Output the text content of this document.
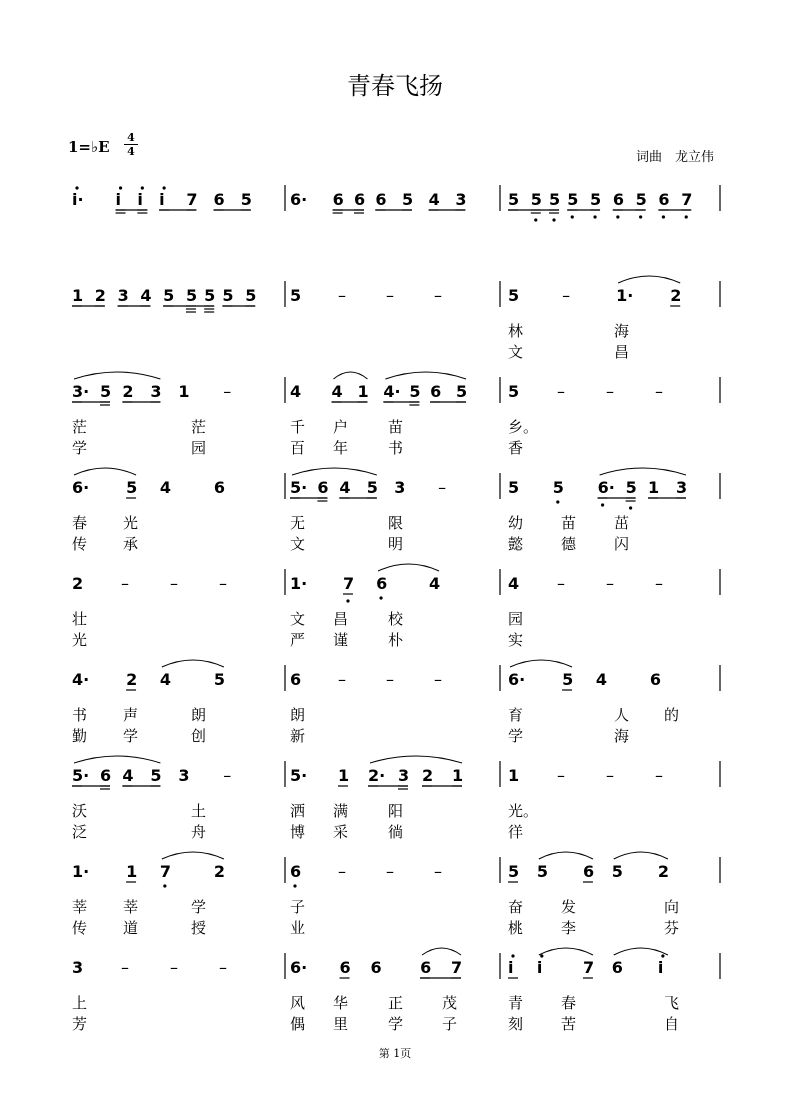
青春飞扬
1=♭E
4
4	词曲　龙立伟
i· i i i 7 6 5 6· 6 6 6 5 4 3	5 5 5 5 5 6 5 6 7
1 2 3 4 5 5 5 5 5 5 –	–	–	5	–	1· 2
林	海
文	昌
3· 5 2 3 1 –	4 4 1 4· 5 6 5	5 –	–	–
茫	茫	千 户	苗	乡。
学	园	百 年	书	香
6· 5 4	6	5· 6 4 5 3 –	5 5 6· 5 1 3
春 光	无	限	幼	苗	茁
传 承	文	明	懿	德	闪
2 –	–	–	1· 7 6	4	4 –	–	–
壮	文 昌	校	园
光	严 谨	朴	实
4· 2 4	5	6 –	–	–	6· 5 4	6
书 声	朗	朗	育	人 的
勤 学	创	新	学	海
5· 6 4 5 3 –	5· 1 2· 3 2 1	1 –	–	–
沃	土	洒 满	阳	光。
泛	舟	博 采	徜	徉
1· 1 7	2	6 –	–	–	5 5 6 5 2
莘 莘	学	子	奋	发	向
传 道	授	业	桃	李	芬
3 –	–	–	6· 6 6 6 7	i i	7 6 i
上	风 华	正	茂	青	春	飞
芳	偶 里	学	子	刻	苦	自
第 1页
